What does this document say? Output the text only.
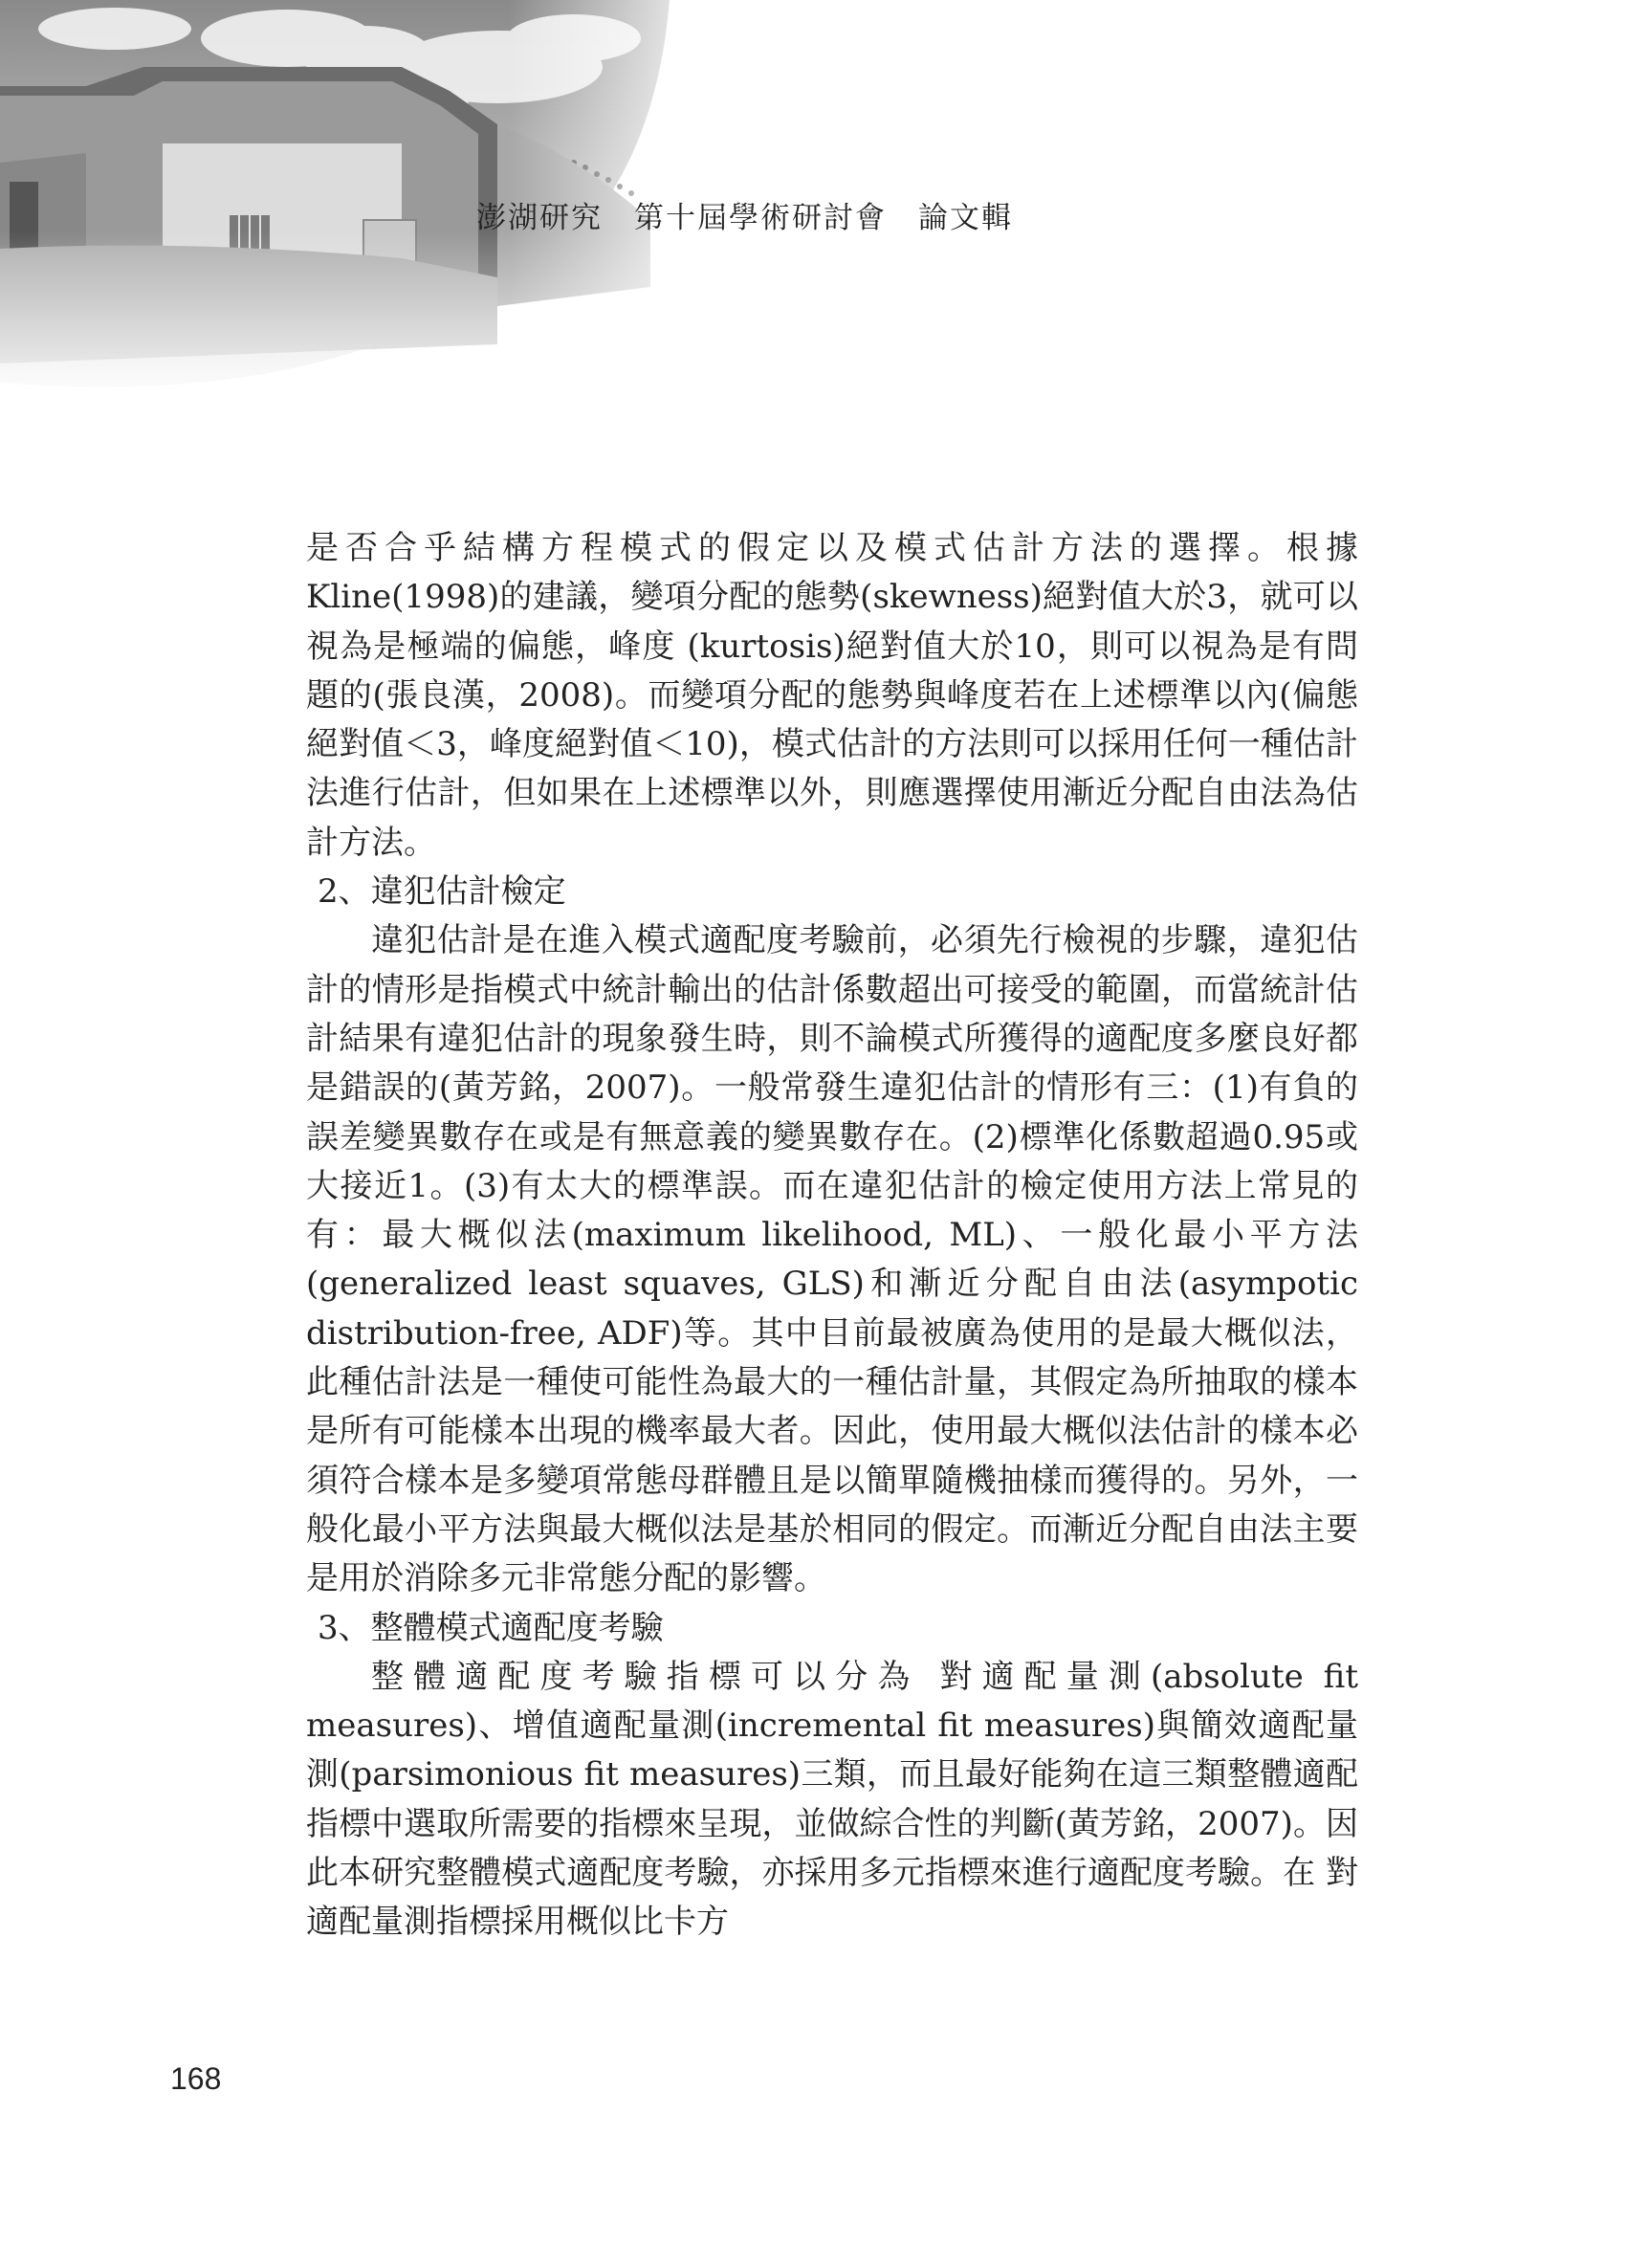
澎湖研究　第十屆學術研討會　論文輯

是否合乎結構方程模式的假定以及模式估計方法的選擇。根據Kline(1998)的建議，變項分配的態勢(skewness)絕對值大於3，就可以視為是極端的偏態，峰度 (kurtosis)絕對值大於10，則可以視為是有問題的(張良漢，2008)。而變項分配的態勢與峰度若在上述標準以內(偏態絕對值＜3，峰度絕對值＜10)，模式估計的方法則可以採用任何一種估計法進行估計，但如果在上述標準以外，則應選擇使用漸近分配自由法為估計方法。

2、違犯估計檢定

違犯估計是在進入模式適配度考驗前，必須先行檢視的步驟，違犯估計的情形是指模式中統計輸出的估計係數超出可接受的範圍，而當統計估計結果有違犯估計的現象發生時，則不論模式所獲得的適配度多麼良好都是錯誤的(黃芳銘，2007)。一般常發生違犯估計的情形有三：(1)有負的誤差變異數存在或是有無意義的變異數存在。(2)標準化係數超過0.95或大接近1。(3)有太大的標準誤。而在違犯估計的檢定使用方法上常見的有：最大概似法(maximum likelihood, ML)、一般化最小平方法(generalized least squaves, GLS)和漸近分配自由法(asympotic distribution-free, ADF)等。其中目前最被廣為使用的是最大概似法，此種估計法是一種使可能性為最大的一種估計量，其假定為所抽取的樣本是所有可能樣本出現的機率最大者。因此，使用最大概似法估計的樣本必須符合樣本是多變項常態母群體且是以簡單隨機抽樣而獲得的。另外，一般化最小平方法與最大概似法是基於相同的假定。而漸近分配自由法主要是用於消除多元非常態分配的影響。

3、整體模式適配度考驗

整體適配度考驗指標可以分為 對適配量測(absolute fit measures)、增值適配量測(incremental fit measures)與簡效適配量測(parsimonious fit measures)三類，而且最好能夠在這三類整體適配指標中選取所需要的指標來呈現，並做綜合性的判斷(黃芳銘，2007)。因此本研究整體模式適配度考驗，亦採用多元指標來進行適配度考驗。在 對適配量測指標採用概似比卡方

168
